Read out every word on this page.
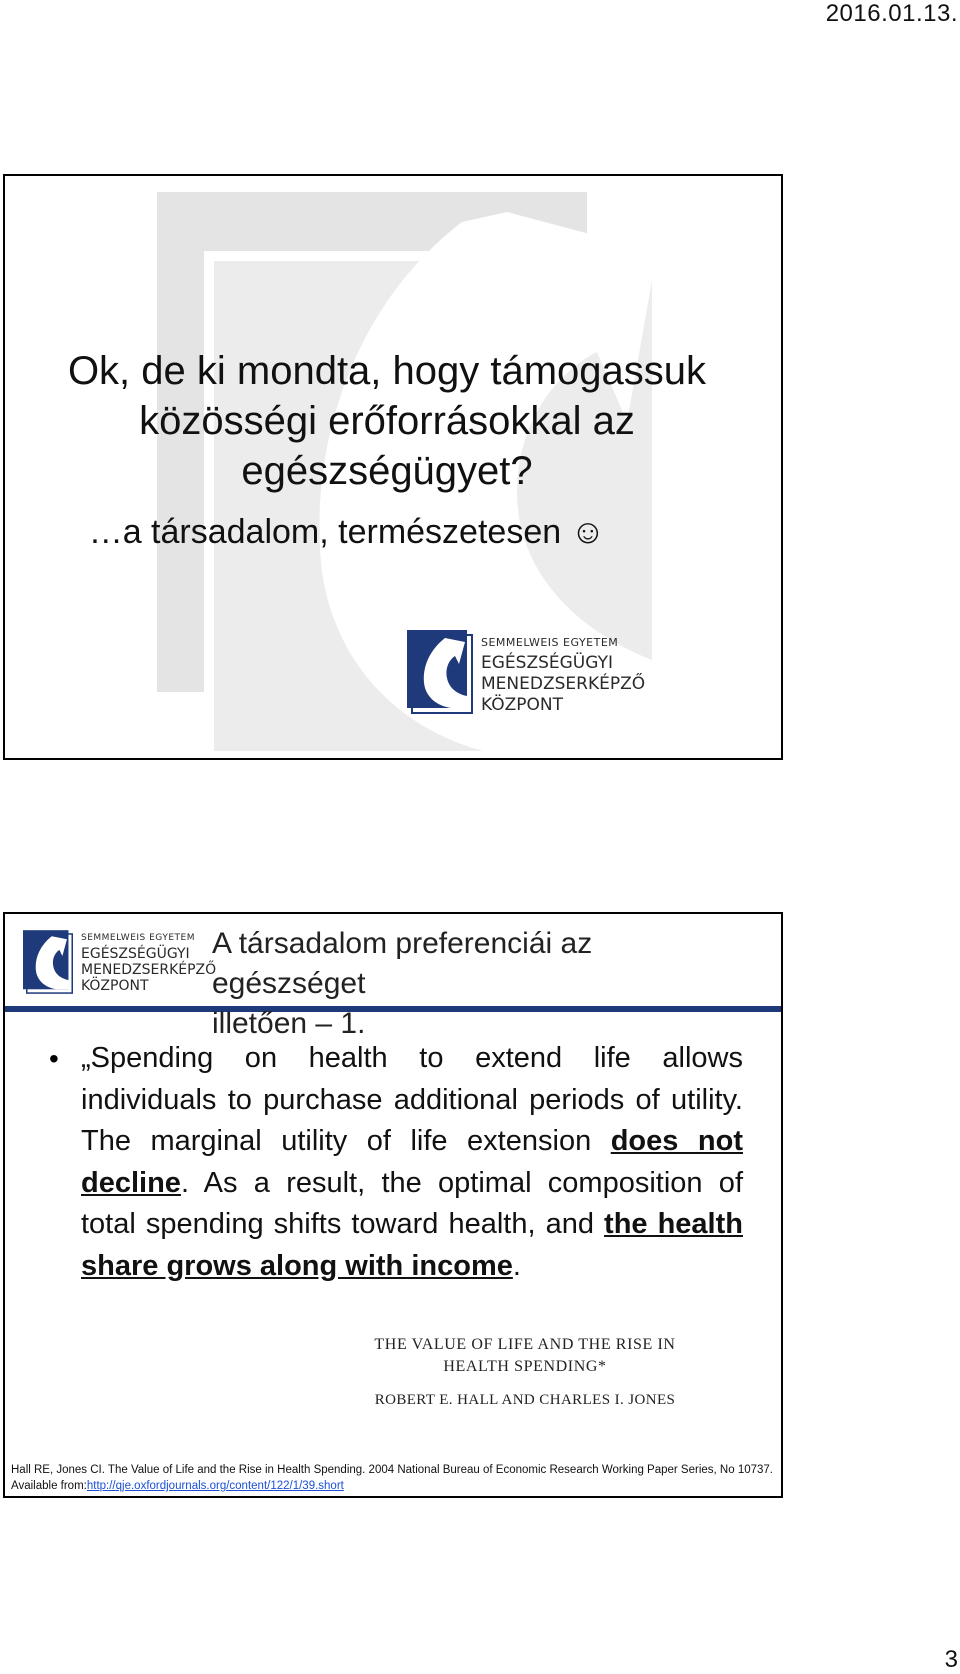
2016.01.13.
Ok, de ki mondta, hogy támogassuk
közösségi erőforrásokkal az
egészségügyet?
…a társadalom, természetesen ☺
SEMMELWEIS EGYETEM
EGÉSZSÉGÜGYI
MENEDZSERKÉPZŐ
KÖZPONT
SEMMELWEIS EGYETEM
EGÉSZSÉGÜGYI
MENEDZSERKÉPZŐ
KÖZPONT
A társadalom preferenciái az egészséget
illetően – 1.
• „Spending on health to extend life allows individuals to purchase additional periods of utility. The marginal utility of life extension does not decline. As a result, the optimal composition of total spending shifts toward health, and the health share grows along with income.
THE VALUE OF LIFE AND THE RISE IN
HEALTH SPENDING*
ROBERT E. HALL AND CHARLES I. JONES
Hall RE, Jones CI. The Value of Life and the Rise in Health Spending. 2004 National Bureau of Economic Research Working Paper Series, No 10737. Available from:http://qje.oxfordjournals.org/content/122/1/39.short
3
